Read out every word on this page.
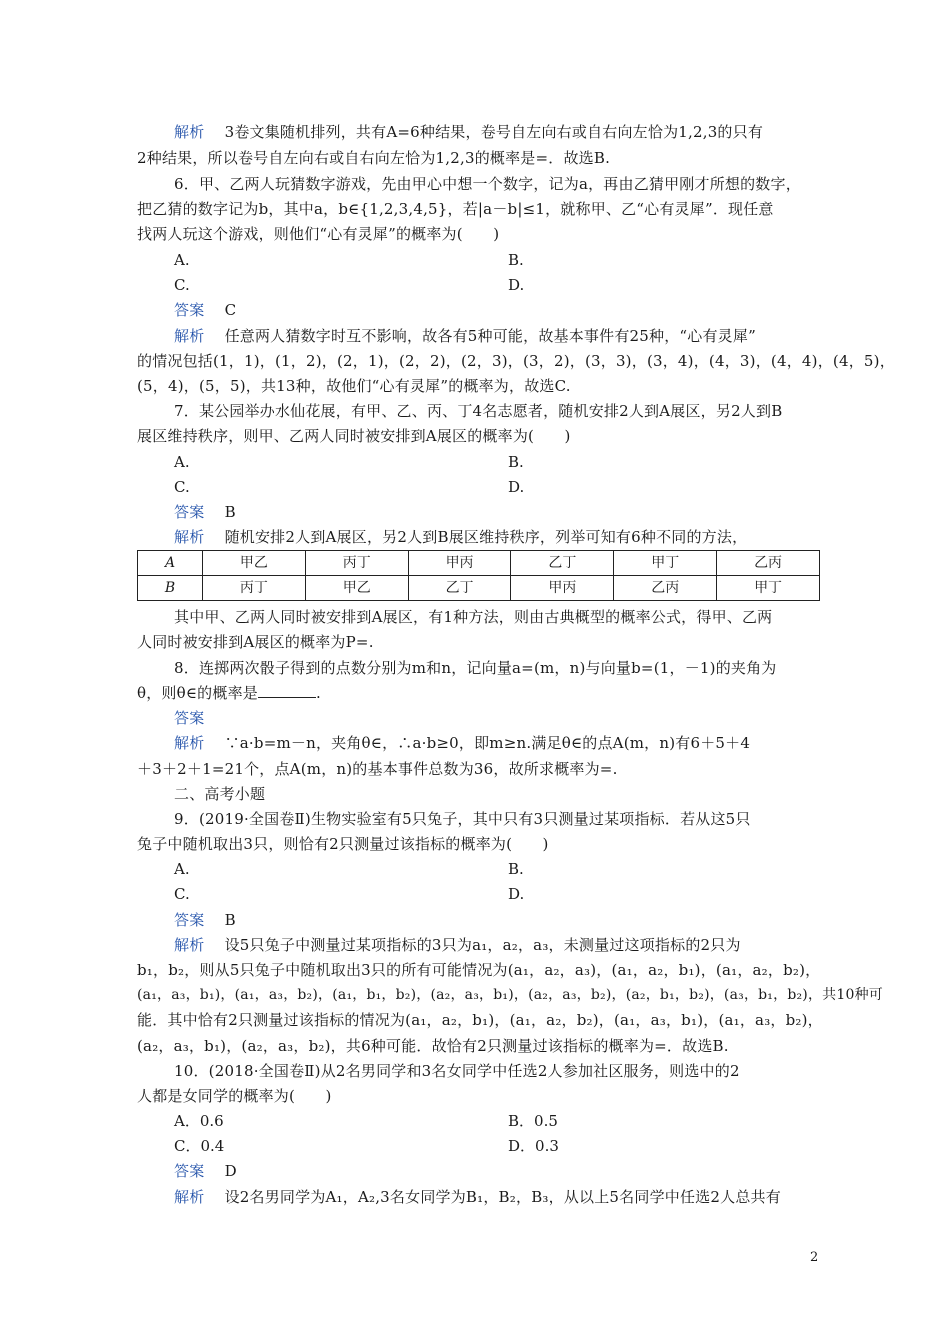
解析　 3卷文集随机排列，共有A=6种结果，卷号自左向右或自右向左恰为1,2,3的只有
2种结果，所以卷号自左向右或自右向左恰为1,2,3的概率是=．故选B.
6．甲、乙两人玩猜数字游戏，先由甲心中想一个数字，记为a，再由乙猜甲刚才所想的数字，
把乙猜的数字记为b，其中a，b∈{1,2,3,4,5}，若|a－b|≤1，就称甲、乙“心有灵犀”．现任意
找两人玩这个游戏，则他们“心有灵犀”的概率为(　　)
A.	B.
C.	D.
答案　 C
解析　 任意两人猜数字时互不影响，故各有5种可能，故基本事件有25种，“心有灵犀”
的情况包括(1，1)，(1，2)，(2，1)，(2，2)，(2，3)，(3，2)，(3，3)，(3，4)，(4，3)，(4，4)，(4，5)，
(5，4)，(5，5)，共13种，故他们“心有灵犀”的概率为，故选C.
7．某公园举办水仙花展，有甲、乙、丙、丁4名志愿者，随机安排2人到A展区，另2人到B
展区维持秩序，则甲、乙两人同时被安排到A展区的概率为(　　)
A.	B.
C.	D.
答案　 B
解析　 随机安排2人到A展区，另2人到B展区维持秩序，列举可知有6种不同的方法，
A	甲乙	丙丁	甲丙	乙丁	甲丁	乙丙
B	丙丁	甲乙	乙丁	甲丙	乙丙	甲丁
其中甲、乙两人同时被安排到A展区，有1种方法，则由古典概型的概率公式，得甲、乙两
人同时被安排到A展区的概率为P=.
8．连掷两次骰子得到的点数分别为m和n，记向量a=(m，n)与向量b=(1，－1)的夹角为
θ，则θ∈的概率是	.
答案
解析　 ∵a·b=m－n，夹角θ∈，∴a·b≥0，即m≥n.满足θ∈的点A(m，n)有6＋5＋4
＋3＋2＋1=21个，点A(m，n)的基本事件总数为36，故所求概率为=.
二、高考小题
9．(2019·全国卷Ⅱ)生物实验室有5只兔子，其中只有3只测量过某项指标．若从这5只
兔子中随机取出3只，则恰有2只测量过该指标的概率为(　　)
A.	B.
C.	D.
答案　 B
解析　 设5只兔子中测量过某项指标的3只为a₁，a₂，a₃，未测量过这项指标的2只为
b₁，b₂，则从5只兔子中随机取出3只的所有可能情况为(a₁，a₂，a₃)，(a₁，a₂，b₁)，(a₁，a₂，b₂)，
(a₁，a₃，b₁)，(a₁，a₃，b₂)，(a₁，b₁，b₂)，(a₂，a₃，b₁)，(a₂，a₃，b₂)，(a₂，b₁，b₂)，(a₃，b₁，b₂)，共10种可
能．其中恰有2只测量过该指标的情况为(a₁，a₂，b₁)，(a₁，a₂，b₂)，(a₁，a₃，b₁)，(a₁，a₃，b₂)，
(a₂，a₃，b₁)，(a₂，a₃，b₂)，共6种可能．故恰有2只测量过该指标的概率为=．故选B.
10．(2018·全国卷Ⅱ)从2名男同学和3名女同学中任选2人参加社区服务，则选中的2
人都是女同学的概率为(　　)
A．0.6	B．0.5
C．0.4	D．0.3
答案　 D
解析　 设2名男同学为A₁，A₂,3名女同学为B₁，B₂，B₃，从以上5名同学中任选2人总共有
2
